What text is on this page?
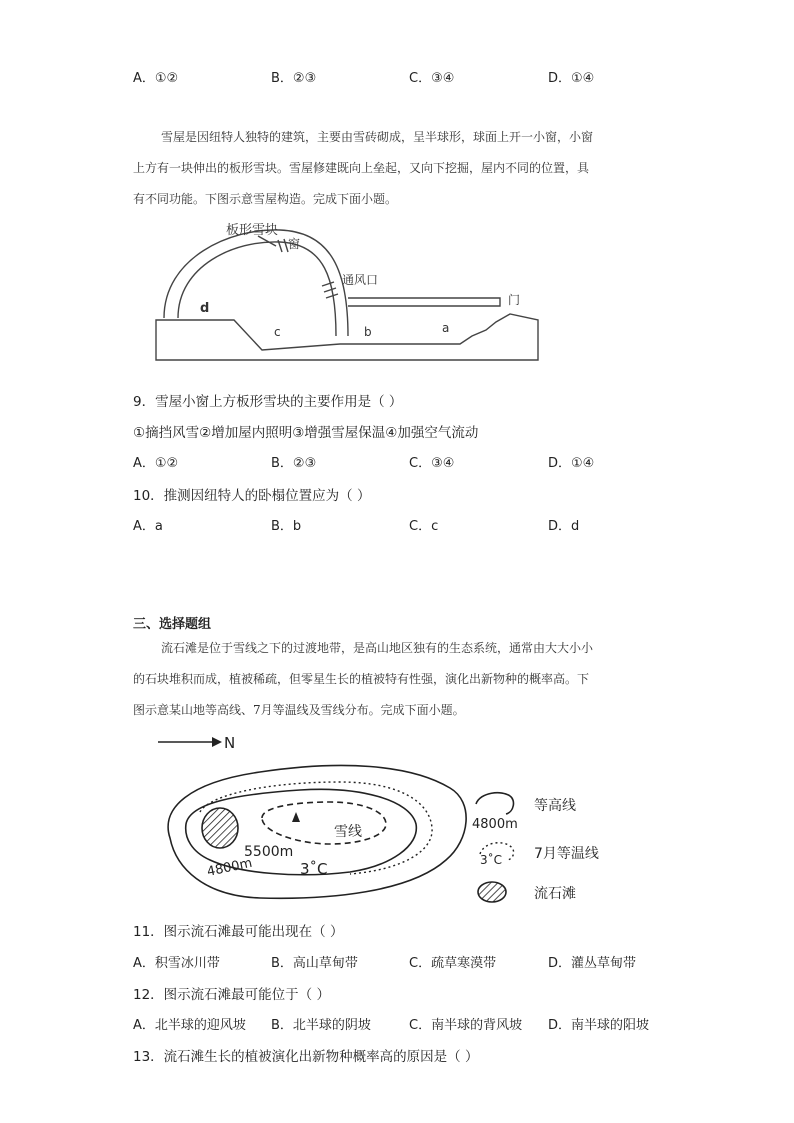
A．①②	B．②③	C．③④	D．①④
雪屋是因纽特人独特的建筑，主要由雪砖砌成，呈半球形，球面上开一小窗，小窗
上方有一块伸出的板形雪块。雪屋修建既向上垒起，又向下挖掘，屋内不同的位置，具
有不同功能。下图示意雪屋构造。完成下面小题。
板形雪块
窗
通风口
门
d
c	b	a
9．雪屋小窗上方板形雪块的主要作用是（ ）
①摘挡风雪②增加屋内照明③增强雪屋保温④加强空气流动
A．①②	B．②③	C．③④	D．①④
10．推测因纽特人的卧榻位置应为（ ）
A．a	B．b	C．c	D．d
三、选择题组
流石滩是位于雪线之下的过渡地带，是高山地区独有的生态系统，通常由大大小小
的石块堆积而成，植被稀疏，但零星生长的植被特有性强，演化出新物种的概率高。下
图示意某山地等高线、7月等温线及雪线分布。完成下面小题。
N
雪线
5500m
3˚C
4800m
4800m
等高线
3˚C 7月等温线
流石滩
11．图示流石滩最可能出现在（ ）
A．积雪冰川带	B．高山草甸带	C．疏草寒漠带	D．灌丛草甸带
12．图示流石滩最可能位于（ ）
A．北半球的迎风坡 B．北半球的阴坡	C．南半球的背风坡 D．南半球的阳坡
13．流石滩生长的植被演化出新物种概率高的原因是（ ）
